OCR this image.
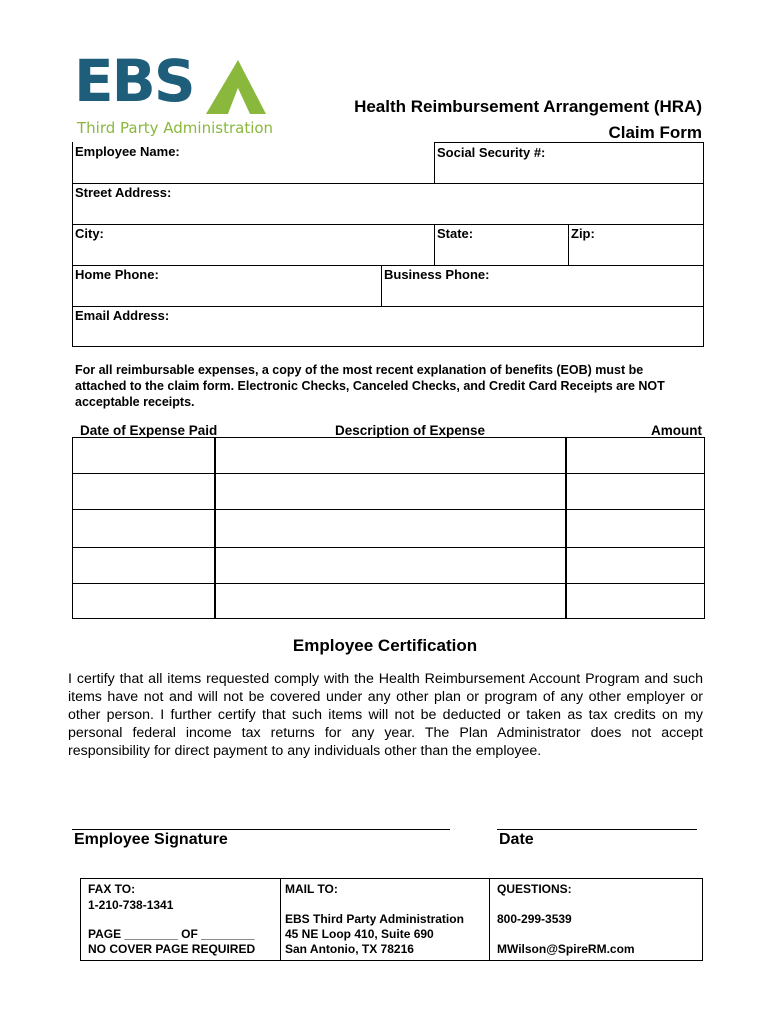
EBS
Third Party Administration
Health Reimbursement Arrangement (HRA)
Claim Form
Employee Name:	Social Security #:
Street Address:
City:	State:	Zip:
Home Phone:	Business Phone:
Email Address:
For all reimbursable expenses, a copy of the most recent explanation of benefits (EOB) must be attached to the claim form. Electronic Checks, Canceled Checks, and Credit Card Receipts are NOT acceptable receipts.
Date of Expense Paid	Description of Expense	Amount
Employee Certification
I certify that all items requested comply with the Health Reimbursement Account Program and such items have not and will not be covered under any other plan or program of any other employer or other person. I further certify that such items will not be deducted or taken as tax credits on my personal federal income tax returns for any year. The Plan Administrator does not accept responsibility for direct payment to any individuals other than the employee.
Employee Signature	Date
FAX TO:
1-210-738-1341
PAGE ________ OF ________
NO COVER PAGE REQUIRED
MAIL TO:
EBS Third Party Administration
45 NE Loop 410, Suite 690
San Antonio, TX 78216
QUESTIONS:
800-299-3539
MWilson@SpireRM.com
